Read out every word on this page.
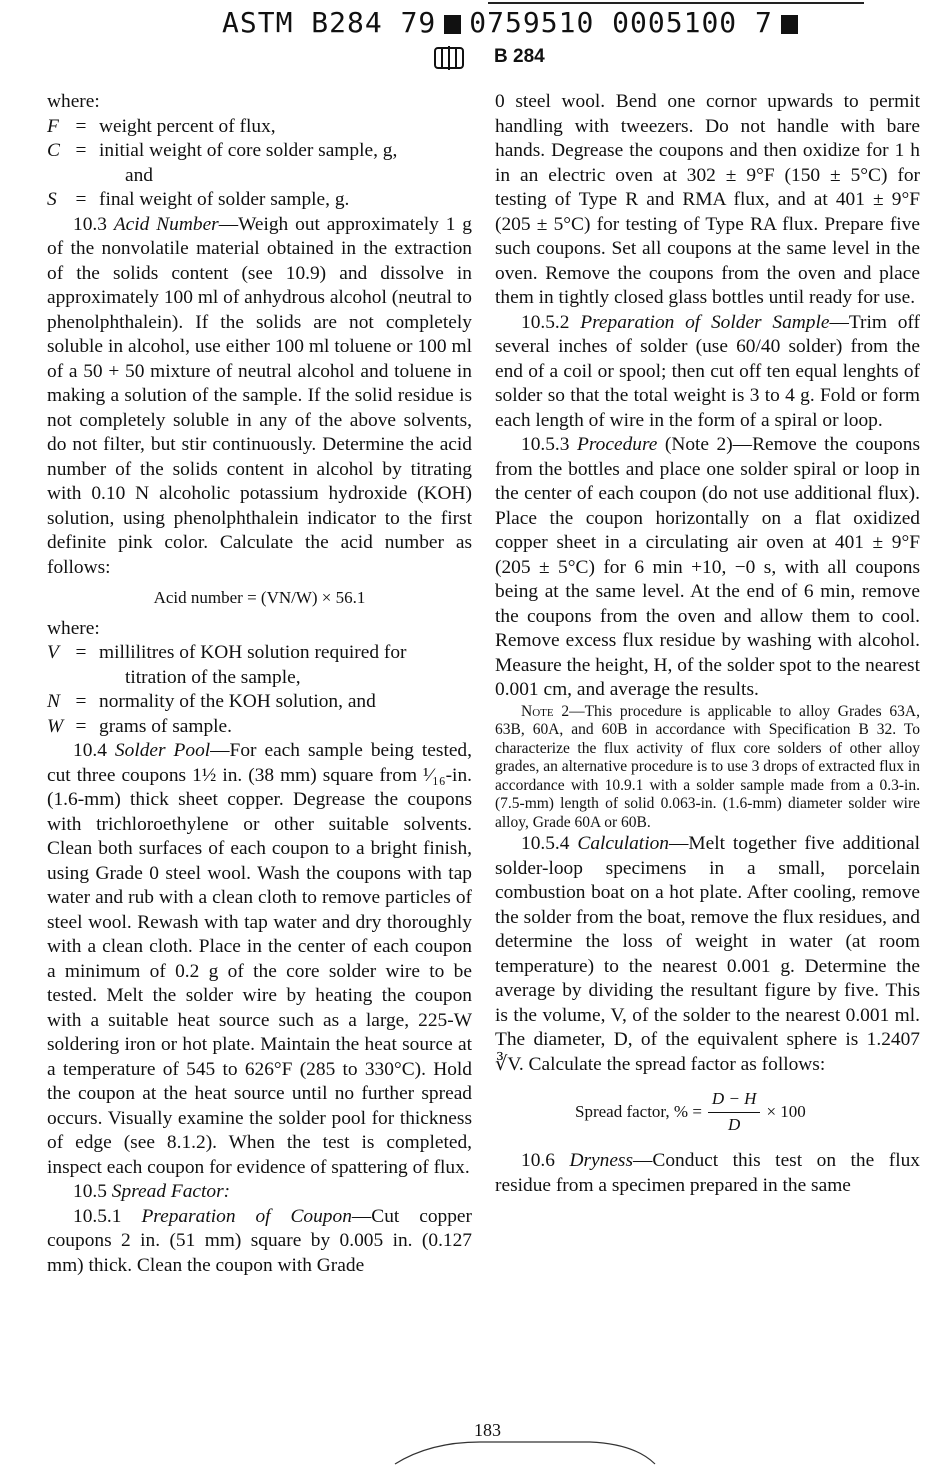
ASTM B284 79 0759510 0005100 7
B 284

where:

F = weight percent of flux,
C = initial weight of core solder sample, g,
and
S = final weight of solder sample, g.

10.3 Acid Number—Weigh out approximately 1 g of the nonvolatile material obtained in the extraction of the solids content (see 10.9) and dissolve in approximately 100 ml of anhydrous alcohol (neutral to phenolphthalein). If the solids are not completely soluble in alcohol, use either 100 ml toluene or 100 ml of a 50 + 50 mixture of neutral alcohol and toluene in making a solution of the sample. If the solid residue is not completely soluble in any of the above solvents, do not filter, but stir continuously. Determine the acid number of the solids content in alcohol by titrating with 0.10 N alcoholic potassium hydroxide (KOH) solution, using phenolphthalein indicator to the first definite pink color. Calculate the acid number as follows:

Acid number = (VN/W) × 56.1

where:

V = millilitres of KOH solution required for
titration of the sample,
N = normality of the KOH solution, and
W = grams of sample.

10.4 Solder Pool—For each sample being tested, cut three coupons 1½ in. (38 mm) square from ¹⁄₁₆-in. (1.6-mm) thick sheet copper. Degrease the coupons with trichloroethylene or other suitable solvents. Clean both surfaces of each coupon to a bright finish, using Grade 0 steel wool. Wash the coupons with tap water and rub with a clean cloth to remove particles of steel wool. Rewash with tap water and dry thoroughly with a clean cloth. Place in the center of each coupon a minimum of 0.2 g of the core solder wire to be tested. Melt the solder wire by heating the coupon with a suitable heat source such as a large, 225-W soldering iron or hot plate. Maintain the heat source at a temperature of 545 to 626°F (285 to 330°C). Hold the coupon at the heat source until no further spread occurs. Visually examine the solder pool for thickness of edge (see 8.1.2). When the test is completed, inspect each coupon for evidence of spattering of flux.

10.5 Spread Factor:

10.5.1 Preparation of Coupon—Cut copper coupons 2 in. (51 mm) square by 0.005 in. (0.127 mm) thick. Clean the coupon with Grade

0 steel wool. Bend one cornor upwards to permit handling with tweezers. Do not handle with bare hands. Degrease the coupons and then oxidize for 1 h in an electric oven at 302 ± 9°F (150 ± 5°C) for testing of Type R and RMA flux, and at 401 ± 9°F (205 ± 5°C) for testing of Type RA flux. Prepare five such coupons. Set all coupons at the same level in the oven. Remove the coupons from the oven and place them in tightly closed glass bottles until ready for use.

10.5.2 Preparation of Solder Sample—Trim off several inches of solder (use 60/40 solder) from the end of a coil or spool; then cut off ten equal lenghts of solder so that the total weight is 3 to 4 g. Fold or form each length of wire in the form of a spiral or loop.

10.5.3 Procedure (Note 2)—Remove the coupons from the bottles and place one solder spiral or loop in the center of each coupon (do not use additional flux). Place the coupon horizontally on a flat oxidized copper sheet in a circulating air oven at 401 ± 9°F (205 ± 5°C) for 6 min +10, −0 s, with all coupons being at the same level. At the end of 6 min, remove the coupons from the oven and allow them to cool. Remove excess flux residue by washing with alcohol. Measure the height, H, of the solder spot to the nearest 0.001 cm, and average the results.

Note 2—This procedure is applicable to alloy Grades 63A, 63B, 60A, and 60B in accordance with Specification B 32. To characterize the flux activity of flux core solders of other alloy grades, an alternative procedure is to use 3 drops of extracted flux in accordance with 10.9.1 with a solder sample made from a 0.3-in. (7.5-mm) length of solid 0.063-in. (1.6-mm) diameter solder wire alloy, Grade 60A or 60B.

10.5.4 Calculation—Melt together five additional solder-loop specimens in a small, porcelain combustion boat on a hot plate. After cooling, remove the solder from the boat, remove the flux residues, and determine the loss of weight in water (at room temperature) to the nearest 0.001 g. Determine the average by dividing the resultant figure by five. This is the volume, V, of the solder to the nearest 0.001 ml. The diameter, D, of the equivalent sphere is 1.2407 ∛V. Calculate the spread factor as follows:

Spread factor, % = $\frac{D - H}{D} \times 100$

10.6 Dryness—Conduct this test on the flux residue from a specimen prepared in the same

183
